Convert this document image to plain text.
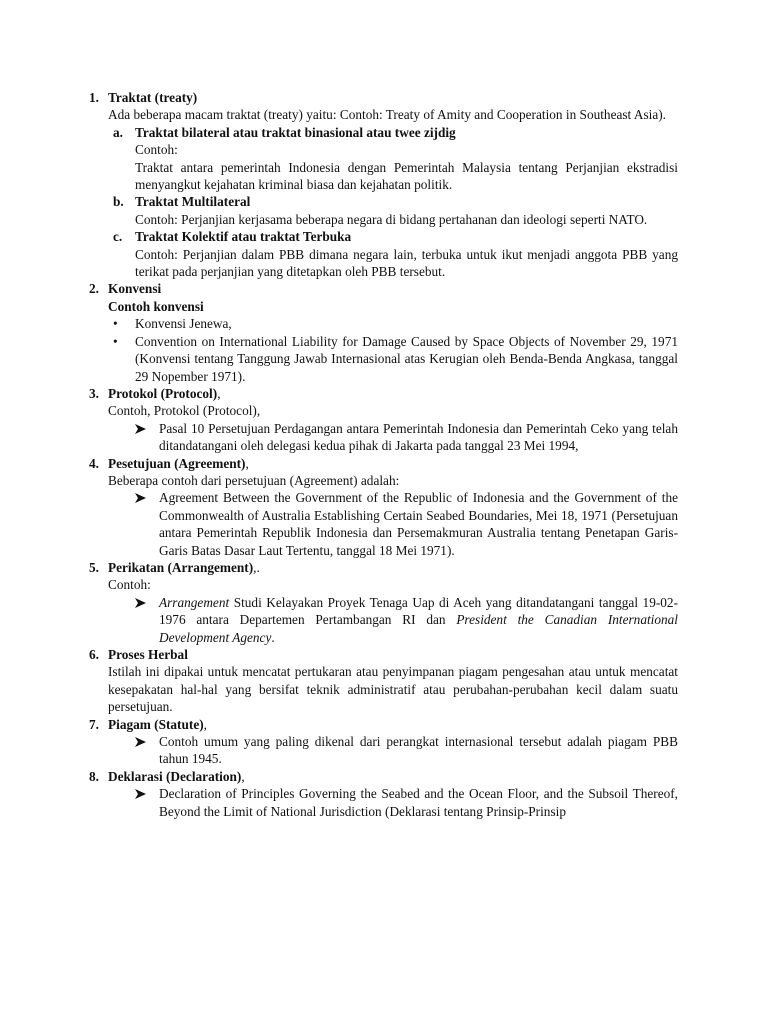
1. Traktat (treaty)
Ada beberapa macam traktat (treaty) yaitu: Contoh: Treaty of Amity and Cooperation in Southeast Asia).
a. Traktat bilateral atau traktat binasional atau twee zijdig
Contoh:
Traktat antara pemerintah Indonesia dengan Pemerintah Malaysia tentang Perjanjian ekstradisi menyangkut kejahatan kriminal biasa dan kejahatan politik.
b. Traktat Multilateral
Contoh: Perjanjian kerjasama beberapa negara di bidang pertahanan dan ideologi seperti NATO.
c. Traktat Kolektif atau traktat Terbuka
Contoh: Perjanjian dalam PBB dimana negara lain, terbuka untuk ikut menjadi anggota PBB yang terikat pada perjanjian yang ditetapkan oleh PBB tersebut.
2. Konvensi
Contoh konvensi
• Konvensi Jenewa,
• Convention on International Liability for Damage Caused by Space Objects of November 29, 1971 (Konvensi tentang Tanggung Jawab Internasional atas Kerugian oleh Benda-Benda Angkasa, tanggal 29 Nopember 1971).
3. Protokol (Protocol),
Contoh, Protokol (Protocol),
Pasal 10 Persetujuan Perdagangan antara Pemerintah Indonesia dan Pemerintah Ceko yang telah ditandatangani oleh delegasi kedua pihak di Jakarta pada tanggal 23 Mei 1994,
4. Pesetujuan (Agreement),
Beberapa contoh dari persetujuan (Agreement) adalah:
Agreement Between the Government of the Republic of Indonesia and the Government of the Commonwealth of Australia Establishing Certain Seabed Boundaries, Mei 18, 1971 (Persetujuan antara Pemerintah Republik Indonesia dan Persemakmuran Australia tentang Penetapan Garis-Garis Batas Dasar Laut Tertentu, tanggal 18 Mei 1971).
5. Perikatan (Arrangement),.
Contoh:
Arrangement Studi Kelayakan Proyek Tenaga Uap di Aceh yang ditandatangani tanggal 19-02-1976 antara Departemen Pertambangan RI dan President the Canadian International Development Agency.
6. Proses Herbal
Istilah ini dipakai untuk mencatat pertukaran atau penyimpanan piagam pengesahan atau untuk mencatat kesepakatan hal-hal yang bersifat teknik administratif atau perubahan-perubahan kecil dalam suatu persetujuan.
7. Piagam (Statute),
Contoh umum yang paling dikenal dari perangkat internasional tersebut adalah piagam PBB tahun 1945.
8. Deklarasi (Declaration),
Declaration of Principles Governing the Seabed and the Ocean Floor, and the Subsoil Thereof, Beyond the Limit of National Jurisdiction (Deklarasi tentang Prinsip-Prinsip
